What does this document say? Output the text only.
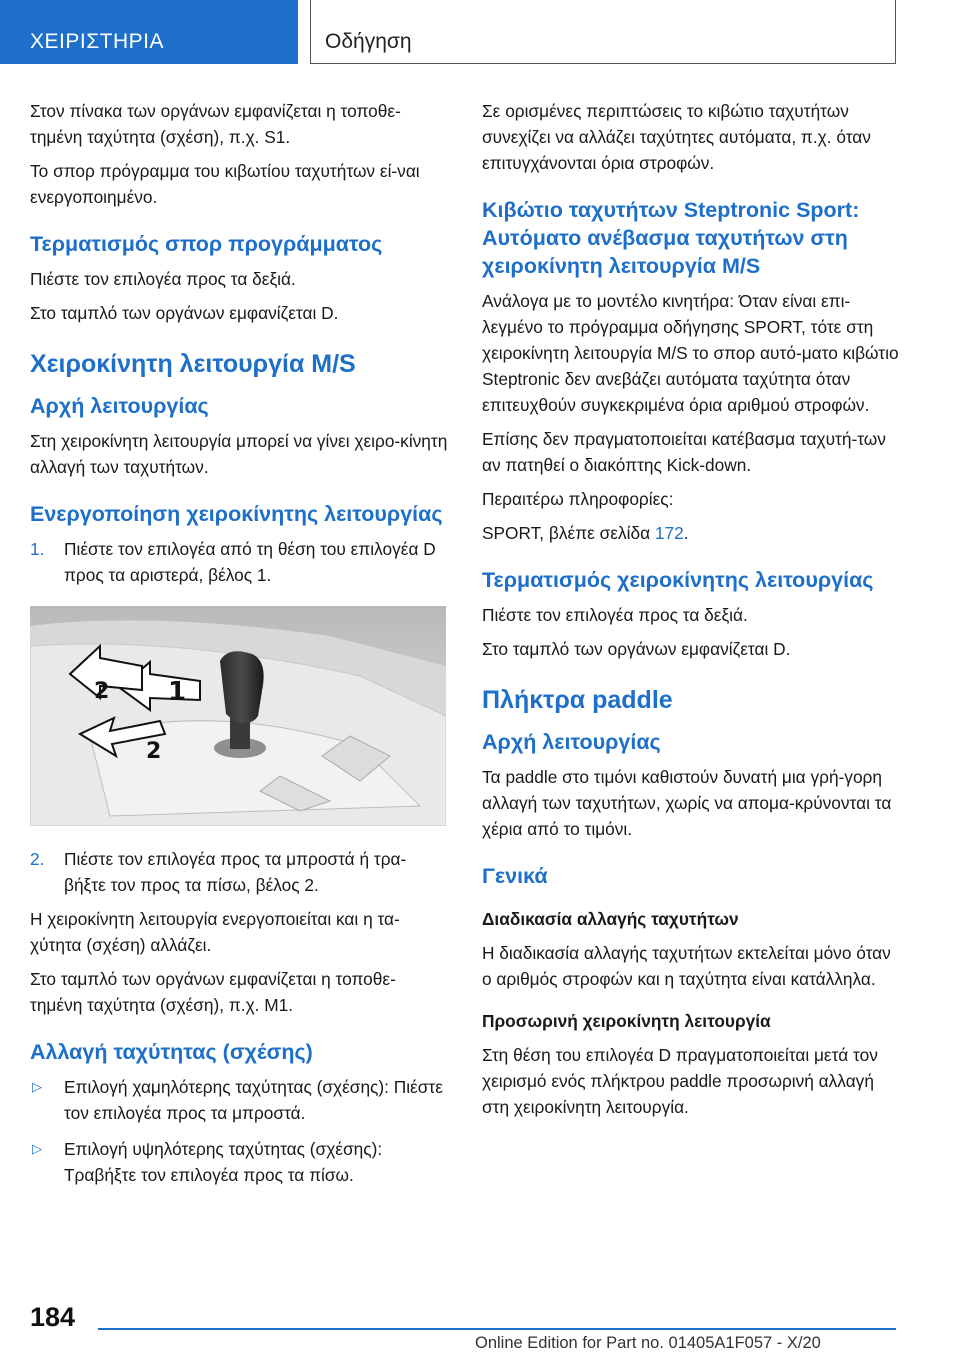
ΧΕΙΡΙΣΤΗΡΙΑ	Οδήγηση

Στον πίνακα των οργάνων εμφανίζεται η τοποθε-τημένη ταχύτητα (σχέση), π.χ. S1.

Το σπορ πρόγραμμα του κιβωτίου ταχυτήτων εί-ναι ενεργοποιημένο.

Τερματισμός σπορ προγράμματος

Πιέστε τον επιλογέα προς τα δεξιά.

Στο ταμπλό των οργάνων εμφανίζεται D.

Χειροκίνητη λειτουργία M/S
Αρχή λειτουργίας

Στη χειροκίνητη λειτουργία μπορεί να γίνει χειρο-κίνητη αλλαγή των ταχυτήτων.

Ενεργοποίηση χειροκίνητης λειτουργίας
1. Πιέστε τον επιλογέα από τη θέση του επιλογέα D προς τα αριστερά, βέλος 1.
1
2
2
2. Πιέστε τον επιλογέα προς τα μπροστά ή τρα-βήξτε τον προς τα πίσω, βέλος 2.

Η χειροκίνητη λειτουργία ενεργοποιείται και η τα-χύτητα (σχέση) αλλάζει.

Στο ταμπλό των οργάνων εμφανίζεται η τοποθε-τημένη ταχύτητα (σχέση), π.χ. M1.

Αλλαγή ταχύτητας (σχέσης)
▷ Επιλογή χαμηλότερης ταχύτητας (σχέσης): Πιέστε τον επιλογέα προς τα μπροστά.
▷ Επιλογή υψηλότερης ταχύτητας (σχέσης): Τραβήξτε τον επιλογέα προς τα πίσω.

Σε ορισμένες περιπτώσεις το κιβώτιο ταχυτήτων συνεχίζει να αλλάζει ταχύτητες αυτόματα, π.χ. όταν επιτυγχάνονται όρια στροφών.

Κιβώτιο ταχυτήτων Steptronic Sport: Αυτόματο ανέβασμα ταχυτήτων στη χειροκίνητη λειτουργία M/S

Ανάλογα με το μοντέλο κινητήρα: Όταν είναι επι-λεγμένο το πρόγραμμα οδήγησης SPORT, τότε στη χειροκίνητη λειτουργία M/S το σπορ αυτό-ματο κιβώτιο Steptronic δεν ανεβάζει αυτόματα ταχύτητα όταν επιτευχθούν συγκεκριμένα όρια αριθμού στροφών.

Επίσης δεν πραγματοποιείται κατέβασμα ταχυτή-των αν πατηθεί ο διακόπτης Kick-down.

Περαιτέρω πληροφορίες:

SPORT, βλέπε σελίδα 172.

Τερματισμός χειροκίνητης λειτουργίας

Πιέστε τον επιλογέα προς τα δεξιά.

Στο ταμπλό των οργάνων εμφανίζεται D.

Πλήκτρα paddle
Αρχή λειτουργίας

Τα paddle στο τιμόνι καθιστούν δυνατή μια γρή-γορη αλλαγή των ταχυτήτων, χωρίς να απομα-κρύνονται τα χέρια από το τιμόνι.

Γενικά
Διαδικασία αλλαγής ταχυτήτων

Η διαδικασία αλλαγής ταχυτήτων εκτελείται μόνο όταν ο αριθμός στροφών και η ταχύτητα είναι κατάλληλα.

Προσωρινή χειροκίνητη λειτουργία

Στη θέση του επιλογέα D πραγματοποιείται μετά τον χειρισμό ενός πλήκτρου paddle προσωρινή αλλαγή στη χειροκίνητη λειτουργία.

184
Online Edition for Part no. 01405A1F057 - X/20
